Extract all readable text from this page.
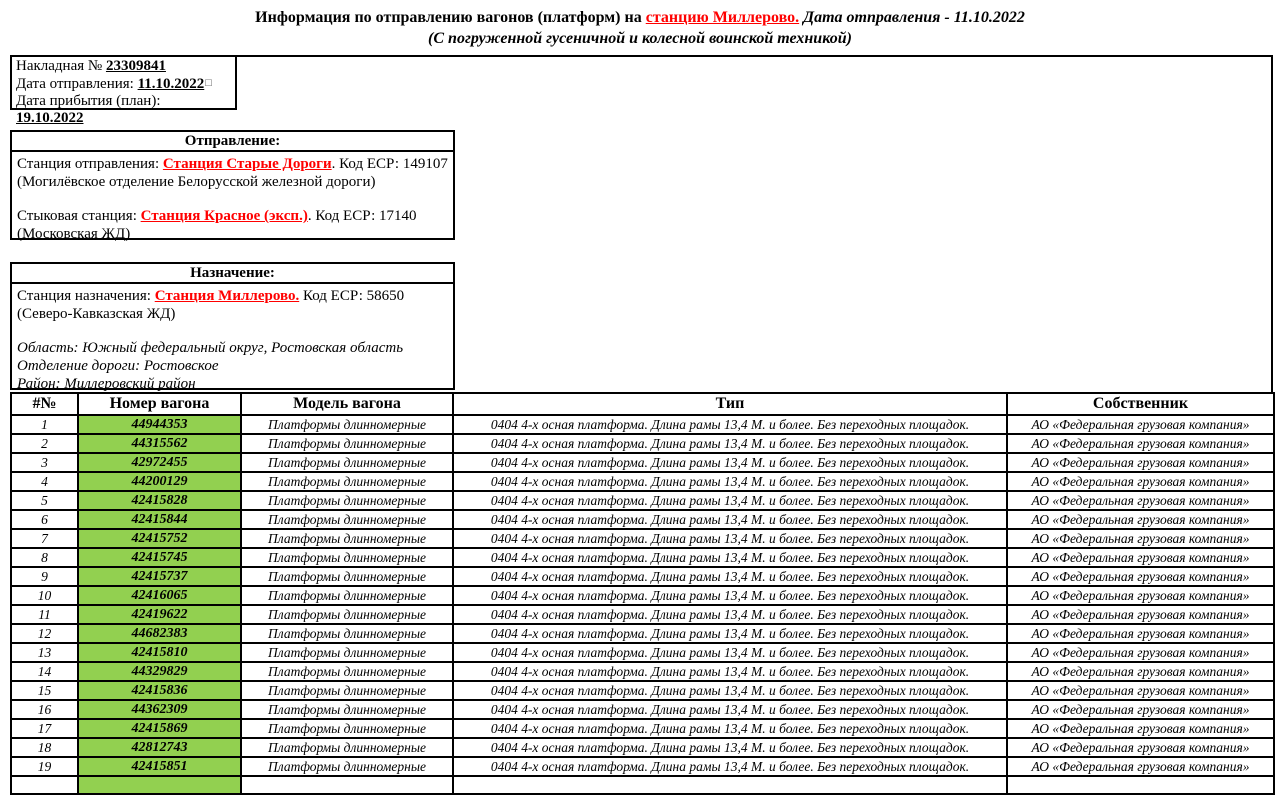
Информация по отправлению вагонов (платформ) на станцию Миллерово. Дата отправления - 11.10.2022
(С погруженной гусеничной и колесной воинской техникой)
Накладная № 23309841
Дата отправления: 11.10.2022□
Дата прибытия (план): 19.10.2022
Отправление:

Станция отправления: Станция Старые Дороги. Код ЕСР: 149107 (Могилёвское отделение Белорусской железной дороги)

Стыковая станция: Станция Красное (эксп.). Код ЕСР: 17140 (Московская ЖД)

Назначение:

Станция назначения: Станция Миллерово. Код ЕСР: 58650 (Северо-Кавказская ЖД)

Область: Южный федеральный округ, Ростовская область
Отделение дороги: Ростовское
Район: Миллеровский район
#№	Номер вагона	Модель вагона	Тип	Собственник
1	44944353	Платформы длинномерные	0404 4-х осная платформа. Длина рамы 13,4 М. и более. Без переходных площадок.	АО «Федеральная грузовая компания»
2	44315562	Платформы длинномерные	0404 4-х осная платформа. Длина рамы 13,4 М. и более. Без переходных площадок.	АО «Федеральная грузовая компания»
3	42972455	Платформы длинномерные	0404 4-х осная платформа. Длина рамы 13,4 М. и более. Без переходных площадок.	АО «Федеральная грузовая компания»
4	44200129	Платформы длинномерные	0404 4-х осная платформа. Длина рамы 13,4 М. и более. Без переходных площадок.	АО «Федеральная грузовая компания»
5	42415828	Платформы длинномерные	0404 4-х осная платформа. Длина рамы 13,4 М. и более. Без переходных площадок.	АО «Федеральная грузовая компания»
6	42415844	Платформы длинномерные	0404 4-х осная платформа. Длина рамы 13,4 М. и более. Без переходных площадок.	АО «Федеральная грузовая компания»
7	42415752	Платформы длинномерные	0404 4-х осная платформа. Длина рамы 13,4 М. и более. Без переходных площадок.	АО «Федеральная грузовая компания»
8	42415745	Платформы длинномерные	0404 4-х осная платформа. Длина рамы 13,4 М. и более. Без переходных площадок.	АО «Федеральная грузовая компания»
9	42415737	Платформы длинномерные	0404 4-х осная платформа. Длина рамы 13,4 М. и более. Без переходных площадок.	АО «Федеральная грузовая компания»
10	42416065	Платформы длинномерные	0404 4-х осная платформа. Длина рамы 13,4 М. и более. Без переходных площадок.	АО «Федеральная грузовая компания»
11	42419622	Платформы длинномерные	0404 4-х осная платформа. Длина рамы 13,4 М. и более. Без переходных площадок.	АО «Федеральная грузовая компания»
12	44682383	Платформы длинномерные	0404 4-х осная платформа. Длина рамы 13,4 М. и более. Без переходных площадок.	АО «Федеральная грузовая компания»
13	42415810	Платформы длинномерные	0404 4-х осная платформа. Длина рамы 13,4 М. и более. Без переходных площадок.	АО «Федеральная грузовая компания»
14	44329829	Платформы длинномерные	0404 4-х осная платформа. Длина рамы 13,4 М. и более. Без переходных площадок.	АО «Федеральная грузовая компания»
15	42415836	Платформы длинномерные	0404 4-х осная платформа. Длина рамы 13,4 М. и более. Без переходных площадок.	АО «Федеральная грузовая компания»
16	44362309	Платформы длинномерные	0404 4-х осная платформа. Длина рамы 13,4 М. и более. Без переходных площадок.	АО «Федеральная грузовая компания»
17	42415869	Платформы длинномерные	0404 4-х осная платформа. Длина рамы 13,4 М. и более. Без переходных площадок.	АО «Федеральная грузовая компания»
18	42812743	Платформы длинномерные	0404 4-х осная платформа. Длина рамы 13,4 М. и более. Без переходных площадок.	АО «Федеральная грузовая компания»
19	42415851	Платформы длинномерные	0404 4-х осная платформа. Длина рамы 13,4 М. и более. Без переходных площадок.	АО «Федеральная грузовая компания»
